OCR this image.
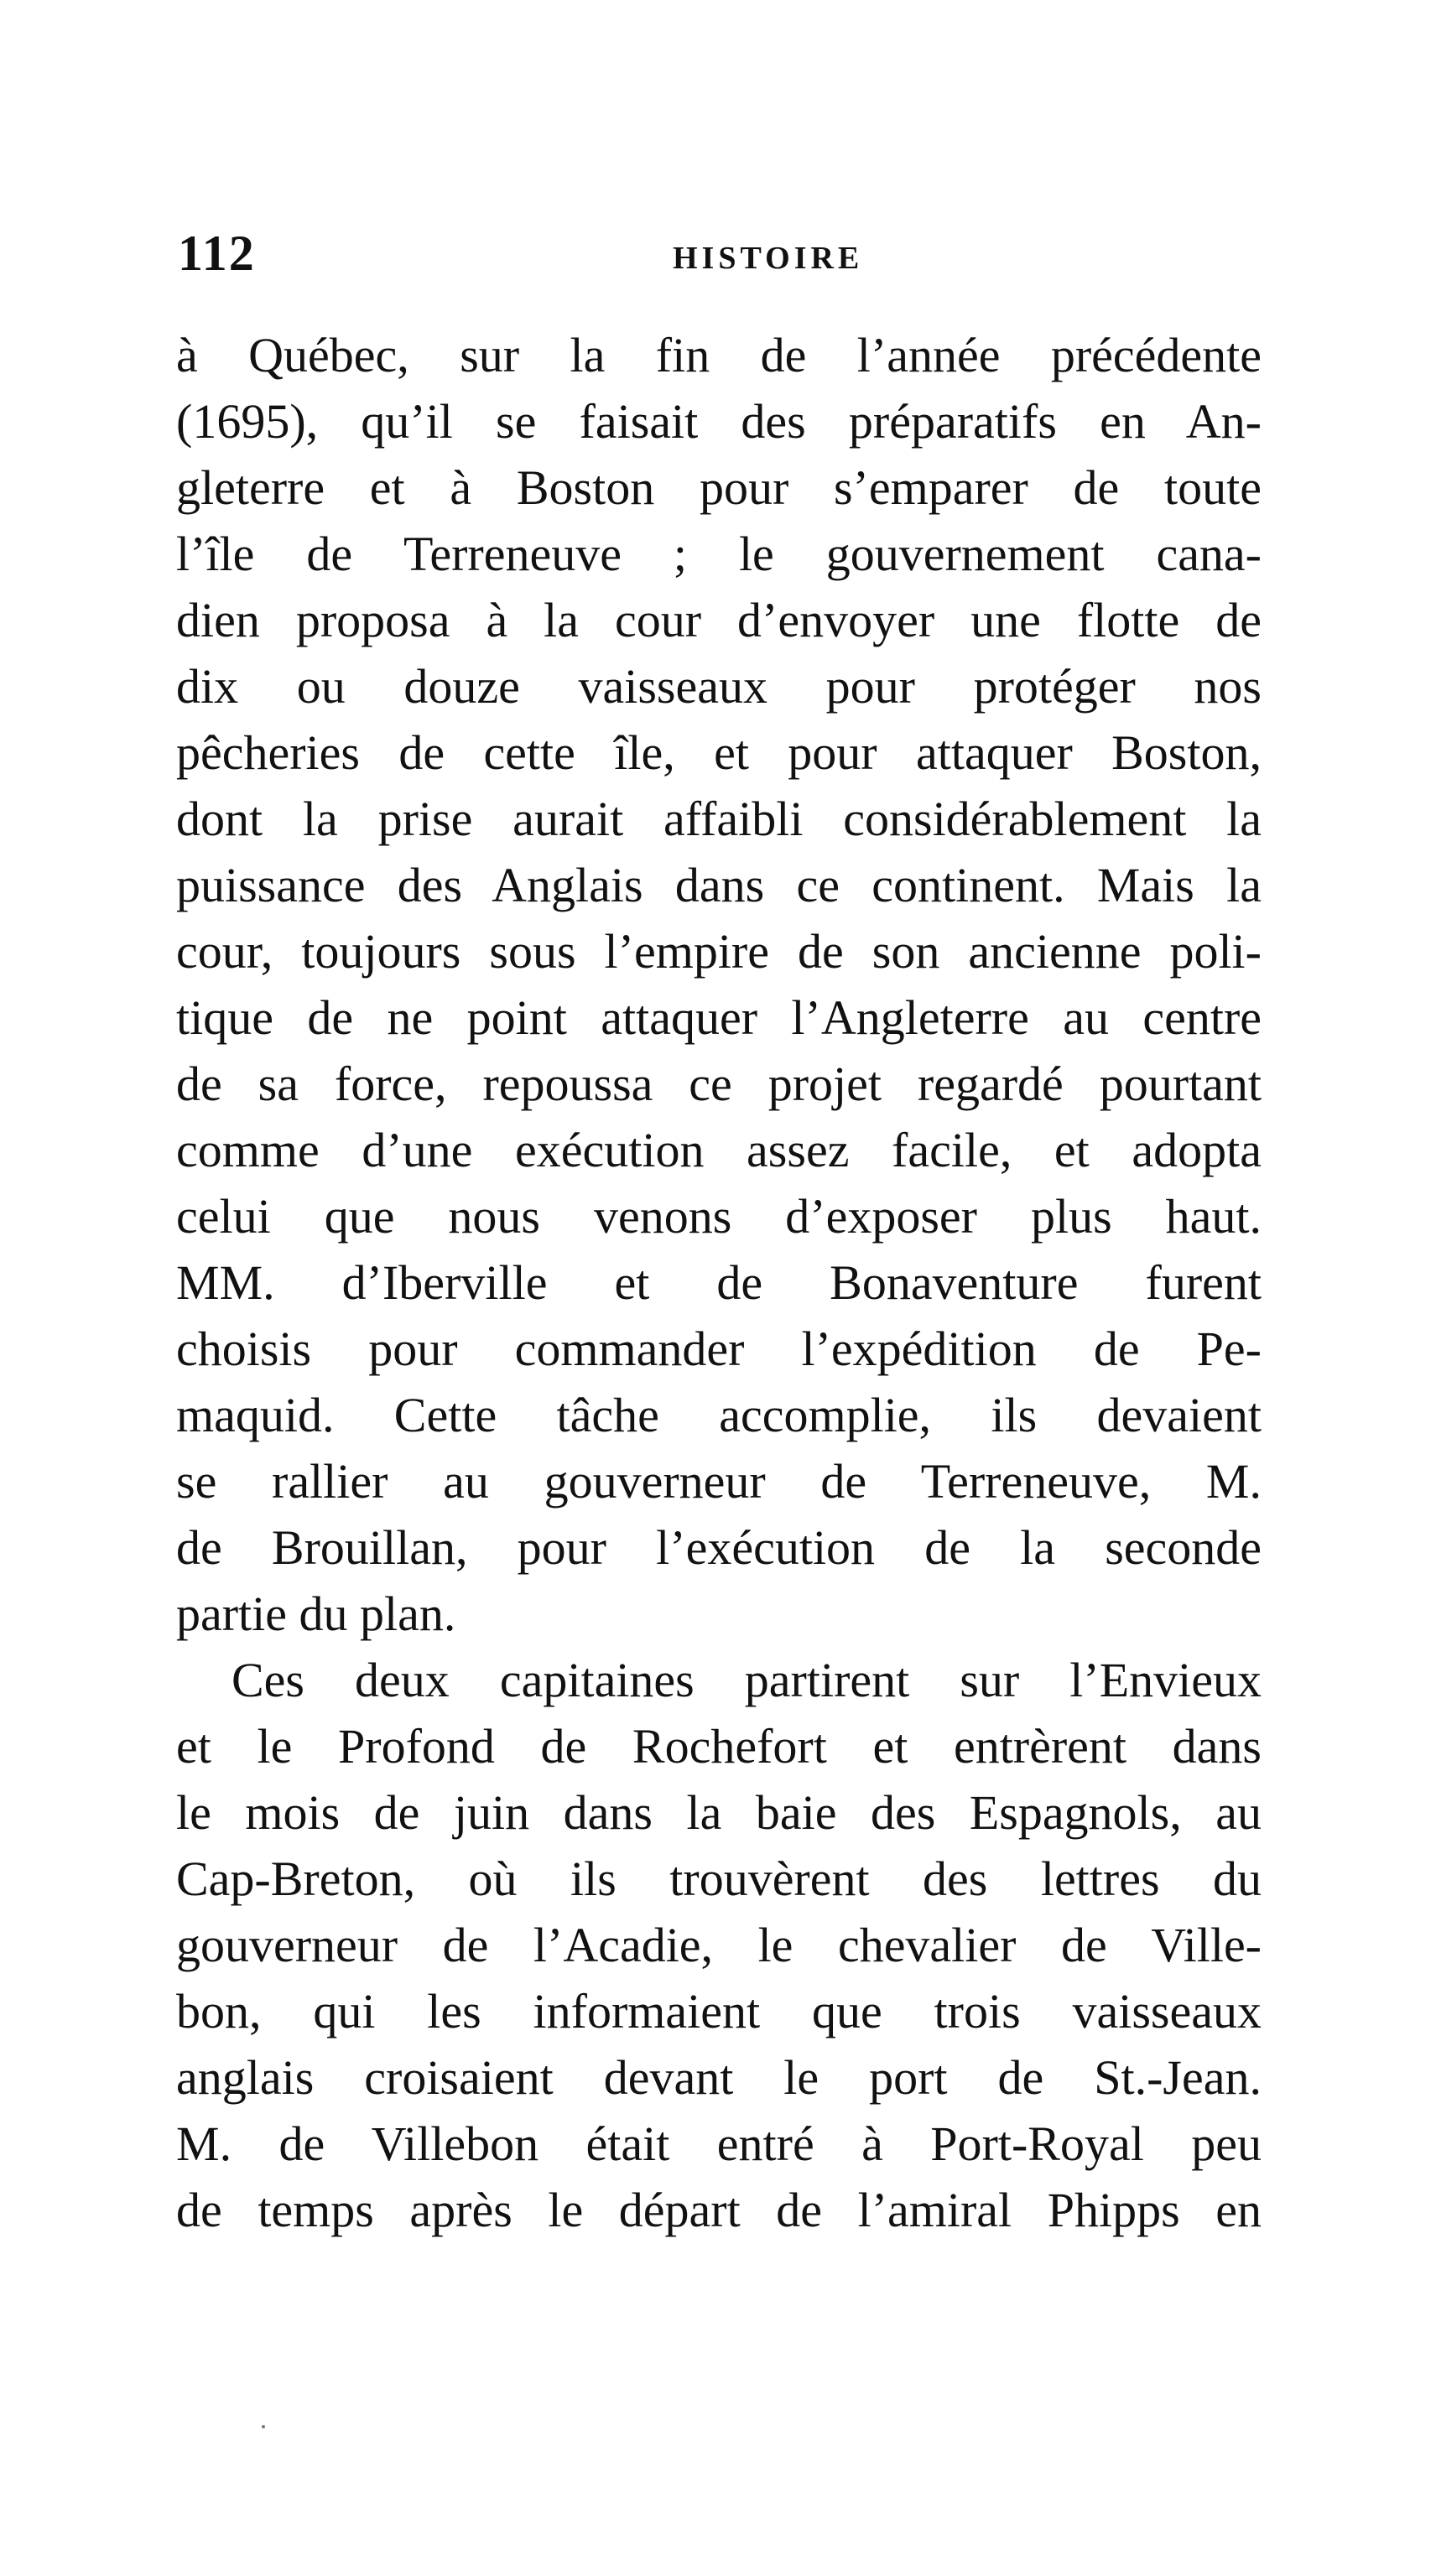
112	HISTOIRE
à Québec, sur la fin de l’année précédente
(1695), qu’il se faisait des préparatifs en An-
gleterre et à Boston pour s’emparer de toute
l’île de Terreneuve ; le gouvernement cana-
dien proposa à la cour d’envoyer une flotte de
dix ou douze vaisseaux pour protéger nos
pêcheries de cette île, et pour attaquer Boston,
dont la prise aurait affaibli considérablement la
puissance des Anglais dans ce continent. Mais la
cour, toujours sous l’empire de son ancienne poli-
tique de ne point attaquer l’Angleterre au centre
de sa force, repoussa ce projet regardé pourtant
comme d’une exécution assez facile, et adopta
celui que nous venons d’exposer plus haut.
MM. d’Iberville et de Bonaventure furent
choisis pour commander l’expédition de Pe-
maquid. Cette tâche accomplie, ils devaient
se rallier au gouverneur de Terreneuve, M.
de Brouillan, pour l’exécution de la seconde
partie du plan.
Ces deux capitaines partirent sur l’Envieux
et le Profond de Rochefort et entrèrent dans
le mois de juin dans la baie des Espagnols, au
Cap-Breton, où ils trouvèrent des lettres du
gouverneur de l’Acadie, le chevalier de Ville-
bon, qui les informaient que trois vaisseaux
anglais croisaient devant le port de St.-Jean.
M. de Villebon était entré à Port-Royal peu
de temps après le départ de l’amiral Phipps en
